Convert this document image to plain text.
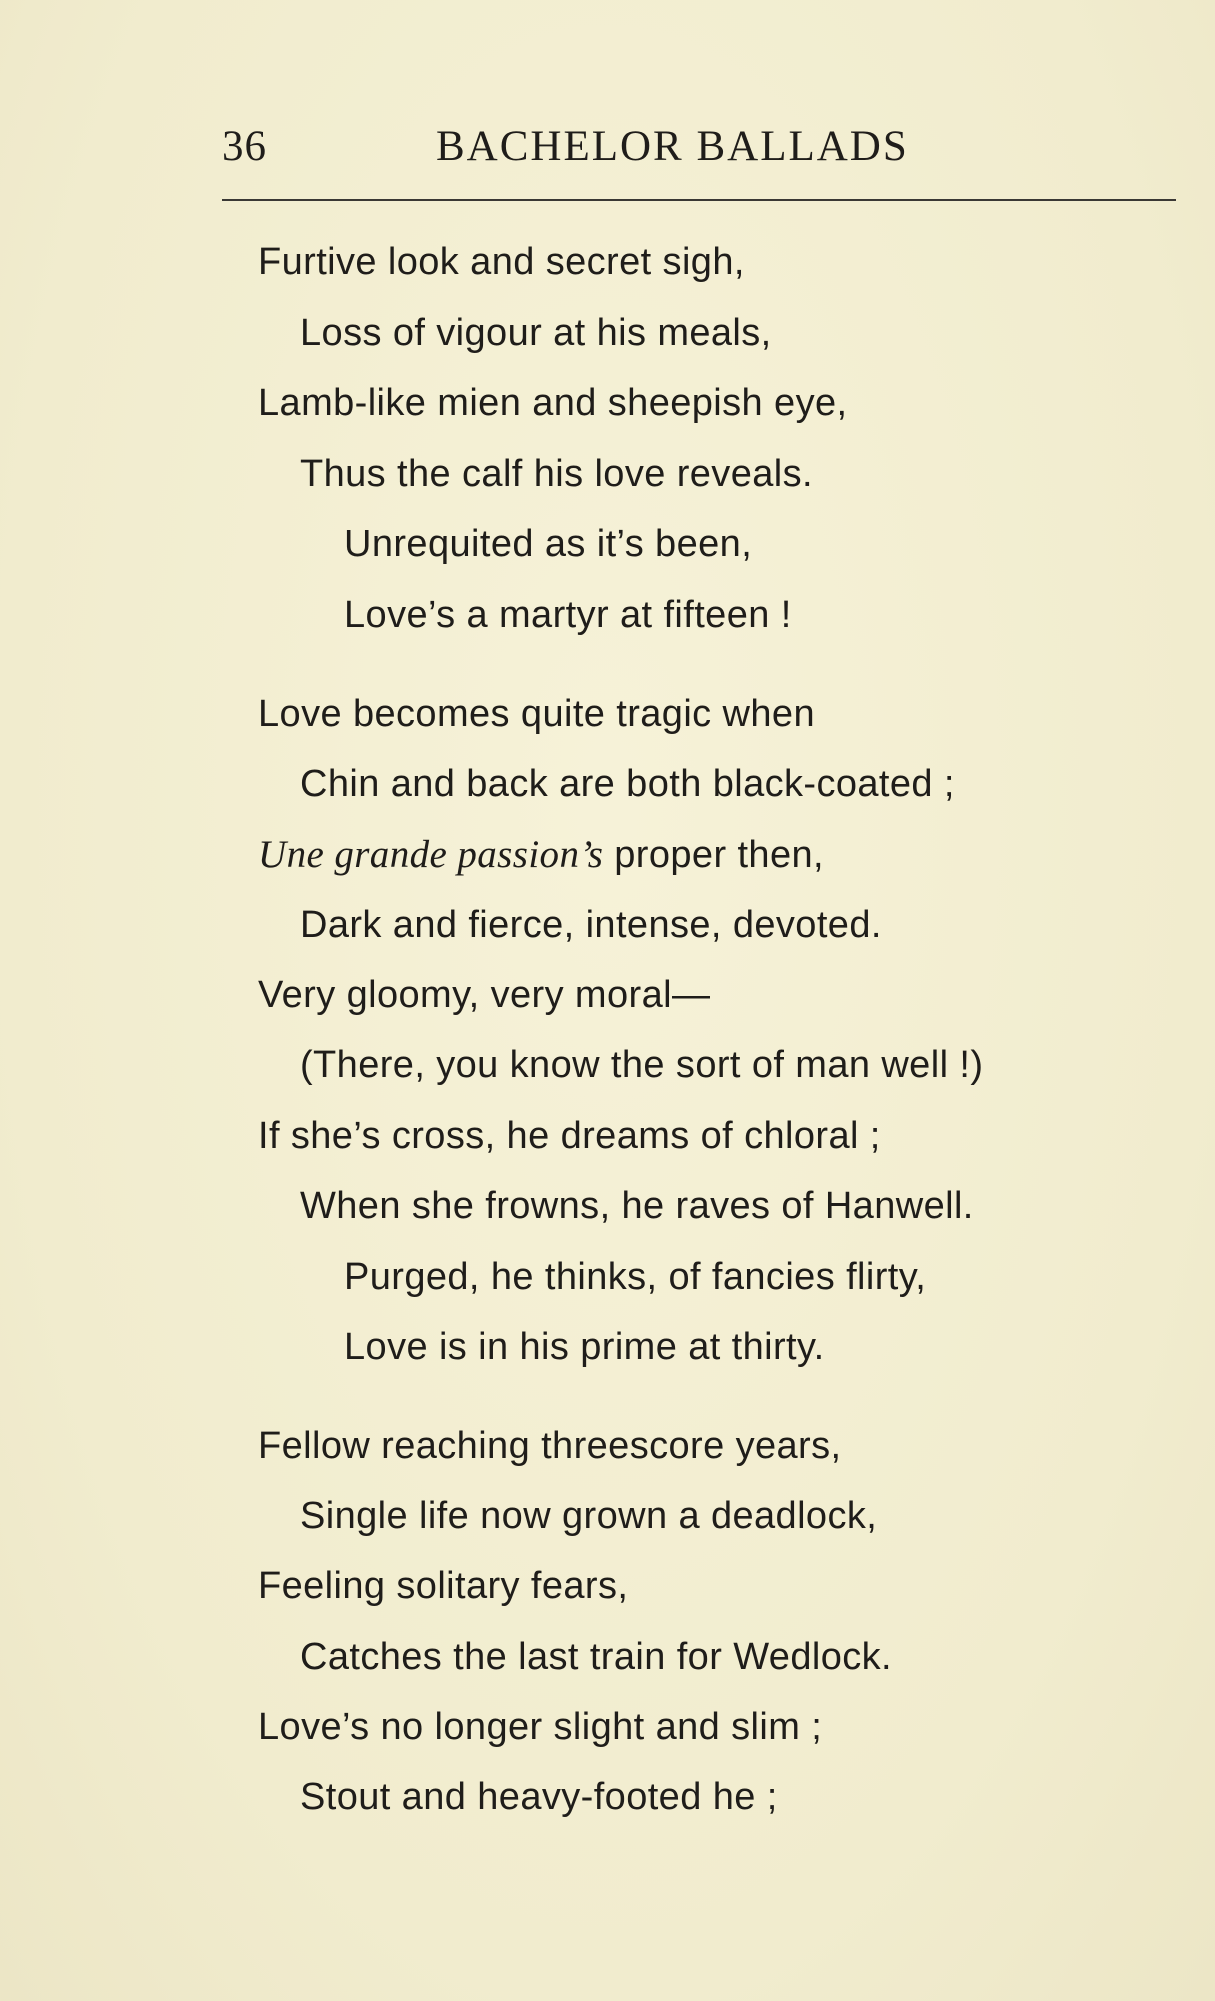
36	BACHELOR BALLADS
Furtive look and secret sigh,
Loss of vigour at his meals,
Lamb-like mien and sheepish eye,
Thus the calf his love reveals.
Unrequited as it’s been,
Love’s a martyr at fifteen !
Love becomes quite tragic when
Chin and back are both black-coated ;
Une grande passion’s proper then,
Dark and fierce, intense, devoted.
Very gloomy, very moral—
(There, you know the sort of man well !)
If she’s cross, he dreams of chloral ;
When she frowns, he raves of Hanwell.
Purged, he thinks, of fancies flirty,
Love is in his prime at thirty.
Fellow reaching threescore years,
Single life now grown a deadlock,
Feeling solitary fears,
Catches the last train for Wedlock.
Love’s no longer slight and slim ;
Stout and heavy-footed he ;
